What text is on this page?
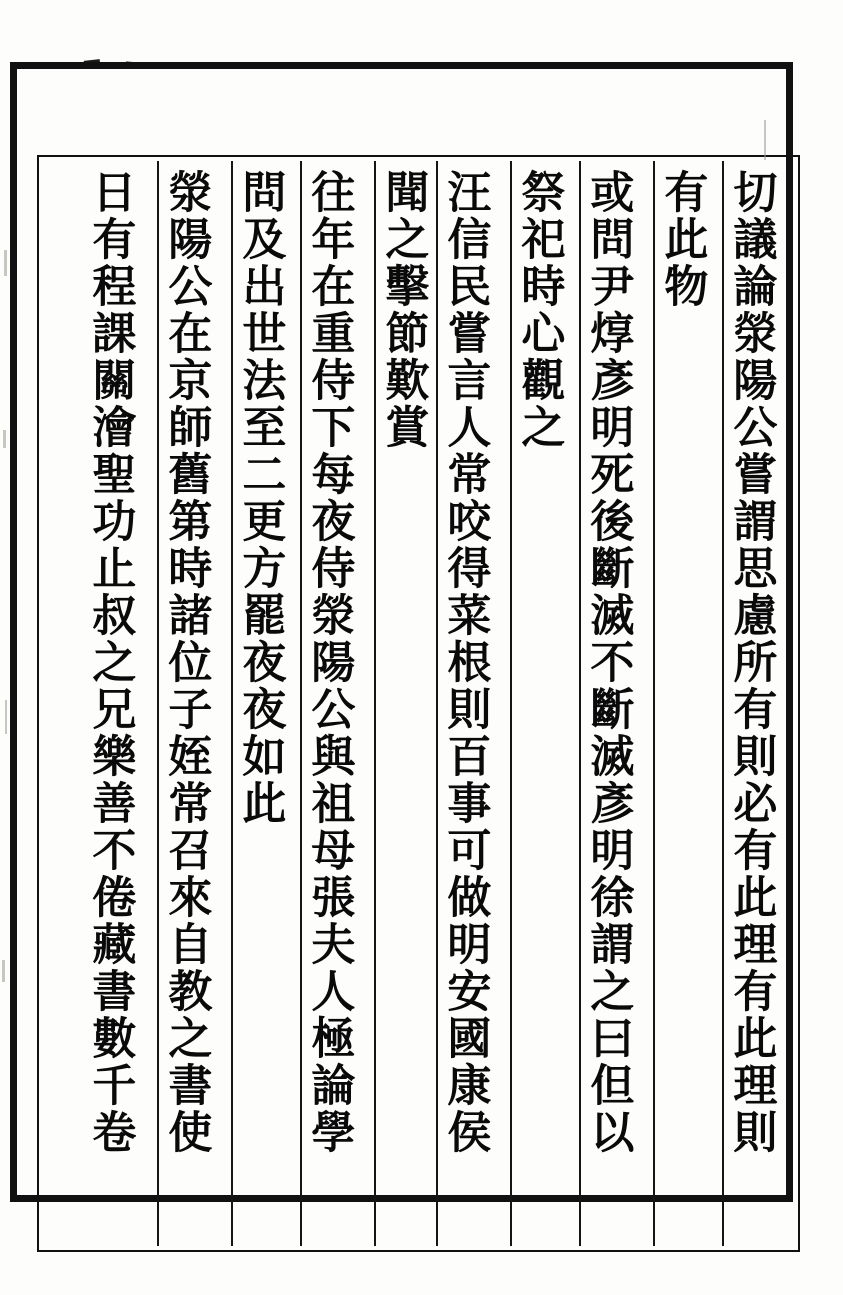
切議論滎陽公嘗謂思慮所有則必有此理有此理則
有此物
或問尹焞彥明死後斷滅不斷滅彥明徐謂之曰但以
祭祀時心觀之
汪信民嘗言人常咬得菜根則百事可做明安國康侯
聞之擊節歎賞
往年在重侍下每夜侍滎陽公與祖母張夫人極論學
問及出世法至二更方罷夜夜如此
滎陽公在京師舊第時諸位子姪常召來自教之書使
日有程課關澮聖功止叔之兄樂善不倦藏書數千卷
